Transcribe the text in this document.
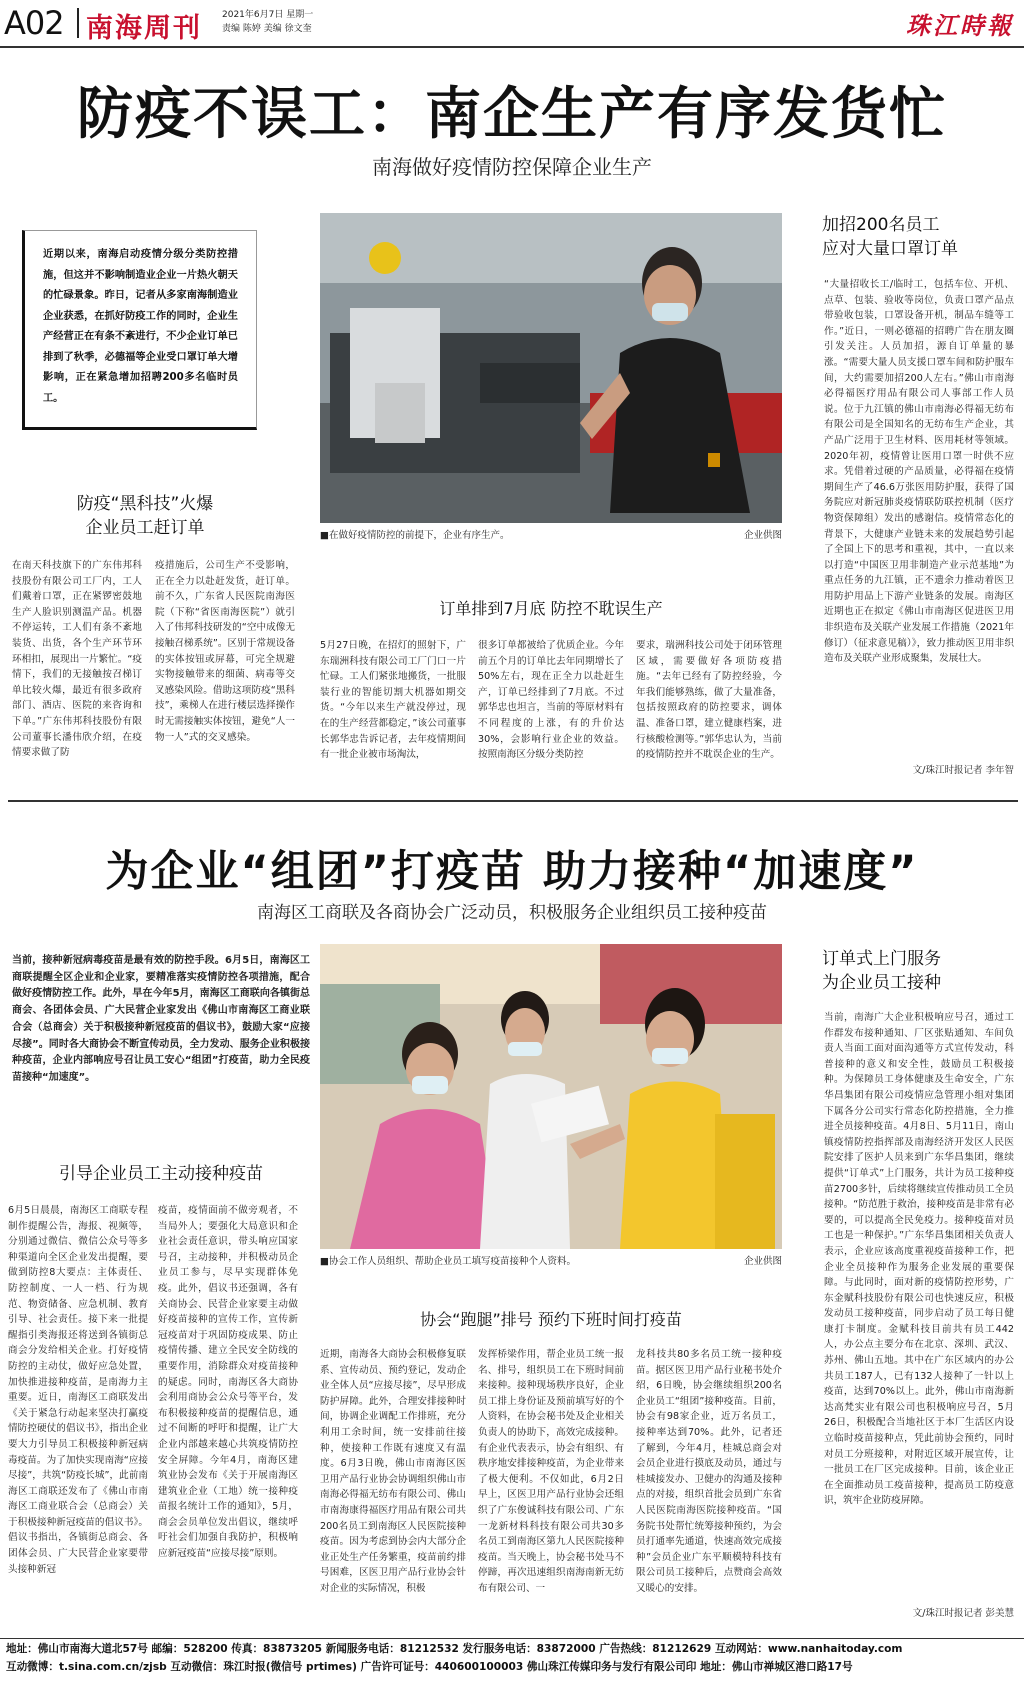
A02 南海周刊 2021年6月7日 星期一
责编 陈婷 美编 徐文奎	珠江時報
防疫不误工：南企生产有序发货忙
南海做好疫情防控保障企业生产

近期以来，南海启动疫情分级分类防控措施，但这并不影响制造业企业一片热火朝天的忙碌景象。昨日，记者从多家南海制造业企业获悉，在抓好防疫工作的同时，企业生产经营正在有条不紊进行，不少企业订单已排到了秋季，必德福等企业受口罩订单大增影响，正在紧急增加招聘200多名临时员工。

防疫“黑科技”火爆
企业员工赶订单
在南天科技旗下的广东伟邦科技股份有限公司工厂内，工人们戴着口罩，正在紧锣密鼓地生产人脸识别测温产品。机器不停运转，工人们有条不紊地装货、出货，各个生产环节环环相扣，展现出一片繁忙。“疫情下，我们的无接触按召梯订单比较火爆，最近有很多政府部门、酒店、医院的来咨询和下单。”广东伟邦科技股份有限公司董事长潘伟欣介绍，在疫情要求做了防
疫措施后，公司生产不受影响，正在全力以赴赶发货，赶订单。前不久，广东省人民医院南海医院（下称“省医南海医院”）就引入了伟邦科技研发的“空中成像无接触召梯系统”。区别于常规设备的实体按钮或屏幕，可完全规避实物接触带来的细菌、病毒等交叉感染风险。借助这项防疫“黑科技”，乘梯人在进行楼层选择操作时无需接触实体按钮，避免“人一物一人”式的交叉感染。
■在做好疫情防控的前提下，企业有序生产。	企业供图
订单排到7月底 防控不耽误生产
5月27日晚，在招灯的照射下，广东瑞洲科技有限公司工厂门口一片忙碌。工人们紧张地搬货，一批服装行业的智能切割大机器如期交货。“今年以来生产就没停过，现在的生产经营都稳定，”该公司董事长郭华忠告诉记者，去年疫情期间有一批企业被市场淘汰，
很多订单都被给了优质企业。今年前五个月的订单比去年同期增长了50%左右，现在正全力以赴赶生产，订单已经排到了7月底。不过郭华忠也坦言，当前的等原材料有不同程度的上涨，有的升价达30%，会影响行业企业的效益。按照南海区分级分类防控
要求，瑞洲科技公司处于闭环管理区域，需要做好各项防疫措施。“去年已经有了防控经验，今年我们能够熟练，做了大量准备，包括按照政府的防控要求，调体温、准备口罩，建立健康档案，进行核酸检测等。”郭华忠认为，当前的疫情防控并不耽误企业的生产。
加招200名员工
应对大量口罩订单
“大量招收长工/临时工，包括车位、开机、点草、包装、验收等岗位，负责口罩产品点带验收包装，口罩设备开机，制品车缝等工作。”近日，一则必德福的招聘广告在朋友圈引发关注。人员加招，源自订单量的暴涨。“需要大量人员支援口罩车间和防护服车间，大约需要加招200人左右。”佛山市南海必得福医疗用品有限公司人事部工作人员说。位于九江镇的佛山市南海必得福无纺布有限公司是全国知名的无纺布生产企业，其产品广泛用于卫生材料、医用耗材等领域。2020年初，疫情曾让医用口罩一时供不应求。凭借着过硬的产品质量，必得福在疫情期间生产了46.6万张医用防护服，获得了国务院应对新冠肺炎疫情联防联控机制（医疗物资保障组）发出的感谢信。疫情常态化的背景下，大健康产业链未来的发展趋势引起了全国上下的思考和重视，其中，一直以来以打造“中国医卫用非制造产业示范基地”为重点任务的九江镇，正不遗余力推动着医卫用防护用品上下游产业链条的发展。南海区近期也正在拟定《佛山市南海区促进医卫用非织造布及关联产业发展工作措施（2021年修订）（征求意见稿）》，致力推动医卫用非织造布及关联产业形成聚集，发展壮大。
文/珠江时报记者 李年智
为企业“组团”打疫苗 助力接种“加速度”
南海区工商联及各商协会广泛动员，积极服务企业组织员工接种疫苗
当前，接种新冠病毒疫苗是最有效的防控手段。6月5日，南海区工商联提醒全区企业和企业家，要精准落实疫情防控各项措施，配合做好疫情防控工作。此外，早在今年5月，南海区工商联向各镇街总商会、各团体会员、广大民营企业家发出《佛山市南海区工商业联合会（总商会）关于积极接种新冠疫苗的倡议书》，鼓励大家“应接尽接”。同时各大商协会不断宣传动员，全力发动、服务企业积极接种疫苗，企业内部响应号召让员工安心“组团”打疫苗，助力全民疫苗接种“加速度”。
引导企业员工主动接种疫苗
6月5日晨晨，南海区工商联专程制作提醒公告，海报、视频等，分别通过微信、微信公众号等多种渠道向全区企业发出提醒，要做到防控8大要点：主体责任、防控制度、一人一档、行为规范、物资储备、应急机制、教育引导、社会责任。接下来一批提醒指引类海报还将送到各镇街总商会分发给相关企业。打好疫情防控的主动仗，做好应急处置，加快推进接种疫苗，是南海力主重要。近日，南海区工商联发出《关于紧急行动起来坚决打赢疫情防控硬仗的倡议书》，指出企业要大力引导员工积极接种新冠病毒疫苗。为了加快实现南海“应接尽接”，共筑“防疫长城”，此前南海区工商联还发布了《佛山市南海区工商业联合会（总商会）关于积极接种新冠疫苗的倡议书》。倡议书指出，各镇街总商会、各团体会员、广大民营企业家要带头接种新冠
疫苗，疫情面前不做旁观者，不当局外人；要强化大局意识和企业社会责任意识，带头响应国家号召，主动接种，并积极动员企业员工参与，尽早实现群体免疫。此外，倡议书还强调，各有关商协会、民营企业家要主动做好疫苗接种的宣传工作，宣传新冠疫苗对于巩固防疫成果、防止疫情传播、建立全民安全防线的重要作用，消除群众对疫苗接种的疑虑。同时，南海区各大商协会利用商协会公众号等平台，发布积极接种疫苗的提醒信息，通过不间断的呼吁和提醒，让广大企业内部越来越心共筑疫情防控安全屏障。今年4月，南海区建筑业协会发布《关于开展南海区建筑业企业（工地）统一接种疫苗报名统计工作的通知》，5月，商会会员单位发出倡议，继续呼吁社会们加强自我防护，积极响应新冠疫苗“应接尽接”原则。
■协会工作人员组织、帮助企业员工填写疫苗接种个人资料。	企业供图
协会“跑腿”排号 预约下班时间打疫苗
近期，南海各大商协会积极修复联系、宣传动员、预约登记，发动企业全体人员“应接尽接”，尽早形成防护屏障。此外，合理安排接种时间，协调企业调配工作排班，充分利用工余时间，统一安排前往接种，使接种工作既有速度又有温度。6月3日晚，佛山市南海区医卫用产品行业协会协调组织佛山市南海必得福无纺布有限公司、佛山市南海康得福医疗用品有限公司共200名员工到南海区人民医院接种疫苗。因为考虑到协会内大部分企业正处生产任务繁重，疫苗前约排号困难，区医卫用产品行业协会针对企业的实际情况，积极
发挥桥梁作用，帮企业员工统一报名、排号，组织员工在下班时间前来接种。接种现场秩序良好，企业员工排上身份证及预前填写好的个人资料，在协会秘书处及企业相关负责人的协助下，高效完成接种。有企业代表表示，协会有组织、有秩序地安排接种疫苗，为企业带来了极大便利。不仅如此，6月2日早上，区医卫用产品行业协会还组织了广东俊诚科技有限公司、广东一龙新材料科技有限公司共30多名员工到南海区第九人民医院接种疫苗。当天晚上，协会秘书处马不停蹄，再次迅速组织南海南新无纺布有限公司、一
龙科技共80多名员工统一接种疫苗。据区医卫用产品行业秘书处介绍，6日晚，协会继续组织200名企业员工“组团”接种疫苗。目前，协会有98家企业，近万名员工，接种率达到70%。此外，记者还了解到，今年4月，桂城总商会对会员企业进行摸底及动员，通过与桂城接发办、卫健办的沟通及接种点的对接，组织首批会员到广东省人民医院南海医院接种疫苗。“国务院书处帮忙统筹接种预约，为会员打通率先通道，快速高效完成接种”会员企业广东平顺模特科技有限公司员工接种后，点赞商会高效又暖心的安排。
订单式上门服务
为企业员工接种
当前，南海广大企业积极响应号召，通过工作群发布接种通知、厂区张贴通知、车间负责人当面工面对面沟通等方式宣传发动，科普接种的意义和安全性，鼓励员工积极接种。为保障员工身体健康及生命安全，广东华昌集团有限公司疫情应急管理小组对集团下属各分公司实行常态化防控措施，全力推进全员接种疫苗。4月8日、5月11日，南山镇疫情防控指挥部及南海经济开发区人民医院安排了医护人员来到广东华昌集团，继续提供“订单式”上门服务，共计为员工接种疫苗2700多针，后续将继续宣传推动员工全员接种。“防范胜于救治，接种疫苗是非常有必要的，可以提高全民免疫力。接种疫苗对员工也是一种保护。”广东华昌集团相关负责人表示，企业应该高度重视疫苗接种工作，把企业全员接种作为服务企业发展的重要保障。与此同时，面对新的疫情防控形势，广东金赋科技股份有限公司也快速反应，积极发动员工接种疫苗，同步启动了员工每日健康打卡制度。金赋科技目前共有员工442人，办公点主要分布在北京、深圳、武汉、苏州、佛山五地。其中在广东区域内的办公共员工187人，已有132人接种了一针以上疫苗，达到70%以上。此外，佛山市南海新达高梵实业有限公司也积极响应号召，5月26日，积极配合当地社区于本厂生活区内设立临时疫苗接种点，凭此前协会预约，同时对员工分班接种，对附近区域开展宣传，让一批员工在厂区完成接种。目前，该企业正在全面推动员工疫苗接种，提高员工防疫意识，筑牢企业防疫屏障。
文/珠江时报记者 彭美慧
地址：佛山市南海大道北57号 邮编：528200 传真：83873205 新闻服务电话：81212532 发行服务电话：83872000 广告热线：81212629 互动网站：www.nanhaitoday.com
互动微博：t.sina.com.cn/zjsb 互动微信：珠江时报(微信号 prtimes) 广告许可证号：440600100003 佛山珠江传媒印务与发行有限公司印 地址：佛山市禅城区港口路17号
